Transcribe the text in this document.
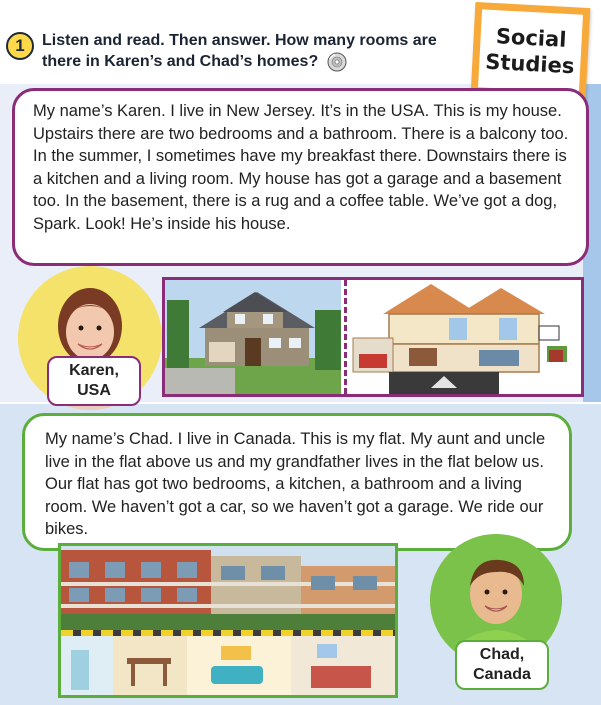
1	Listen and read. Then answer. How many rooms are there in Karen’s and Chad’s homes?
Social
Studies

My name’s Karen. I live in New Jersey. It’s in the USA. This is my house. Upstairs there are two bedrooms and a bathroom. There is a balcony too. In the summer, I sometimes have my breakfast there. Downstairs there is a kitchen and a living room. My house has got a garage and a basement too. In the basement, there is a rug and a coffee table. We’ve got a dog, Spark. Look! He’s inside his house.

Karen,
USA

My name’s Chad. I live in Canada. This is my flat. My aunt and uncle live in the flat above us and my grandfather lives in the flat below us. Our flat has got two bedrooms, a kitchen, a bathroom and a living room. We haven’t got a car, so we haven’t got a garage. We ride our bikes.

Chad,
Canada
